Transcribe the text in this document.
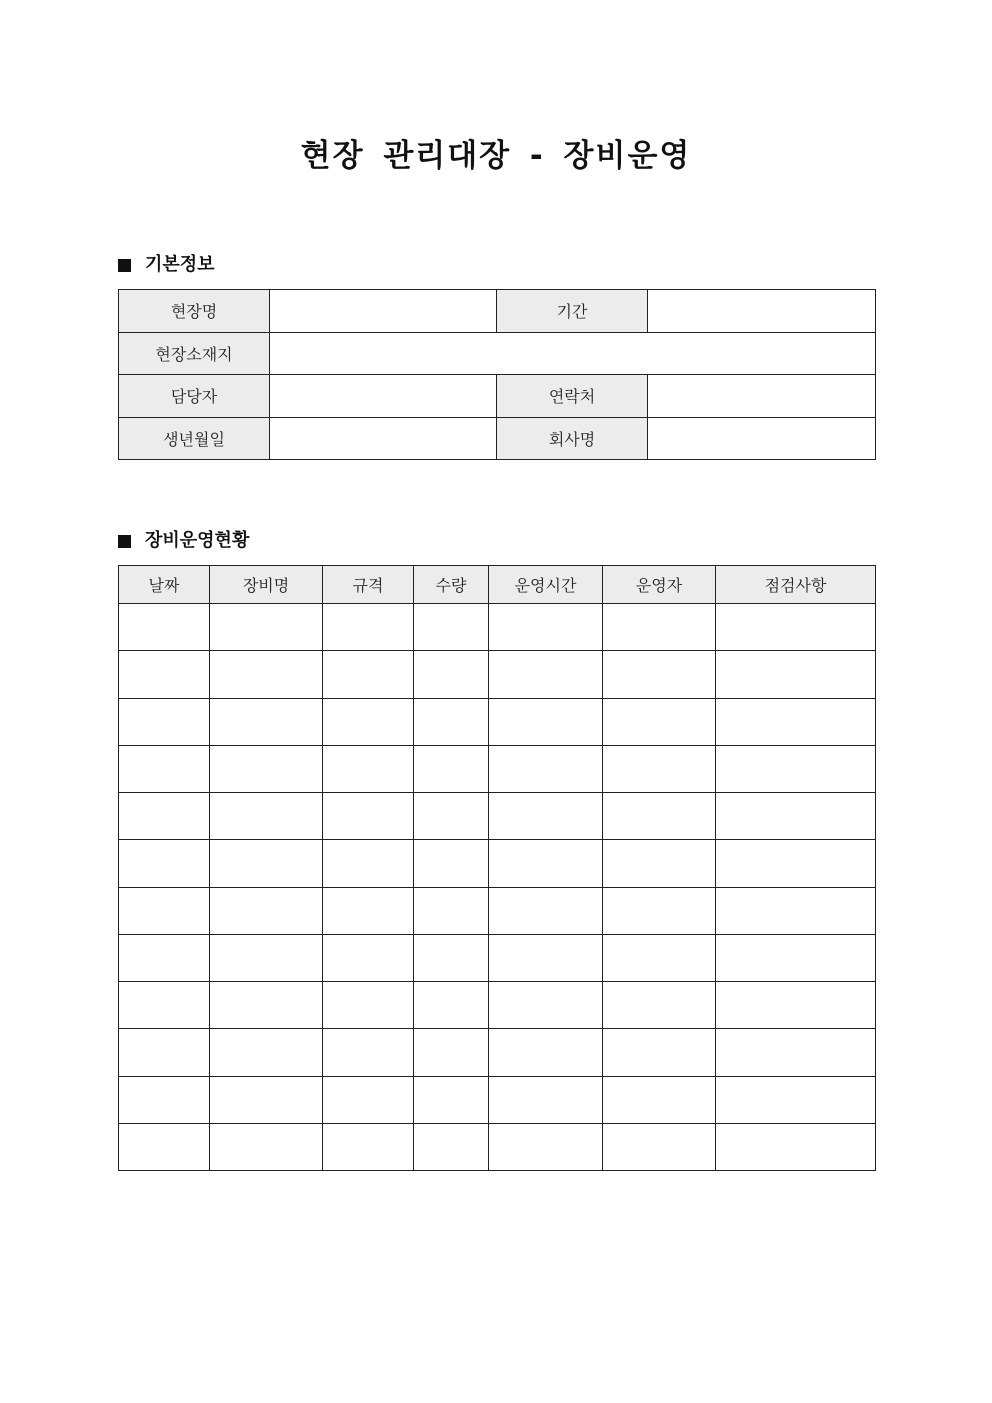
현장 관리대장 - 장비운영
기본정보
현장명		기간	
현장소재지			
담당자		연락처	
생년월일		회사명	
장비운영현황
날짜	장비명	규격	수량	운영시간	운영자	점검사항
